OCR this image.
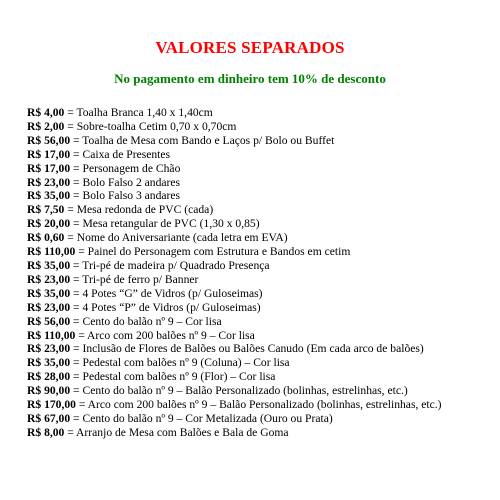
VALORES SEPARADOS
No pagamento em dinheiro tem 10% de desconto
R$ 4,00 = Toalha Branca 1,40 x 1,40cm
R$ 2,00 = Sobre-toalha Cetim 0,70 x 0,70cm
R$ 56,00 = Toalha de Mesa com Bando e Laços p/ Bolo ou Buffet
R$ 17,00 = Caixa de Presentes
R$ 17,00 = Personagem de Chão
R$ 23,00 = Bolo Falso 2 andares
R$ 35,00 = Bolo Falso 3 andares
R$ 7,50 = Mesa redonda de PVC (cada)
R$ 20,00 = Mesa retangular de PVC (1,30 x 0,85)
R$ 0,60 = Nome do Aniversariante (cada letra em EVA)
R$ 110,00 = Painel do Personagem com Estrutura e Bandos em cetim
R$ 35,00 = Tri-pé de madeira p/ Quadrado Presença
R$ 23,00 = Tri-pé de ferro p/ Banner
R$ 35,00 = 4 Potes “G” de Vidros (p/ Guloseimas)
R$ 23,00 = 4 Potes “P” de Vidros (p/ Guloseimas)
R$ 56,00 = Cento do balão nº 9 – Cor lisa
R$ 110,00 = Arco com 200 balões nº 9 – Cor lisa
R$ 23,00 = Inclusão de Flores de Balões ou Balões Canudo (Em cada arco de balões)
R$ 35,00 = Pedestal com balões nº 9 (Coluna) – Cor lisa
R$ 28,00 = Pedestal com balões nº 9 (Flor) – Cor lisa
R$ 90,00 = Cento do balão nº 9 – Balão Personalizado (bolinhas, estrelinhas, etc.)
R$ 170,00 = Arco com 200 balões nº 9 – Balão Personalizado (bolinhas, estrelinhas, etc.)
R$ 67,00 = Cento do balão nº 9 – Cor Metalizada (Ouro ou Prata)
R$ 8,00 = Arranjo de Mesa com Balões e Bala de Goma
